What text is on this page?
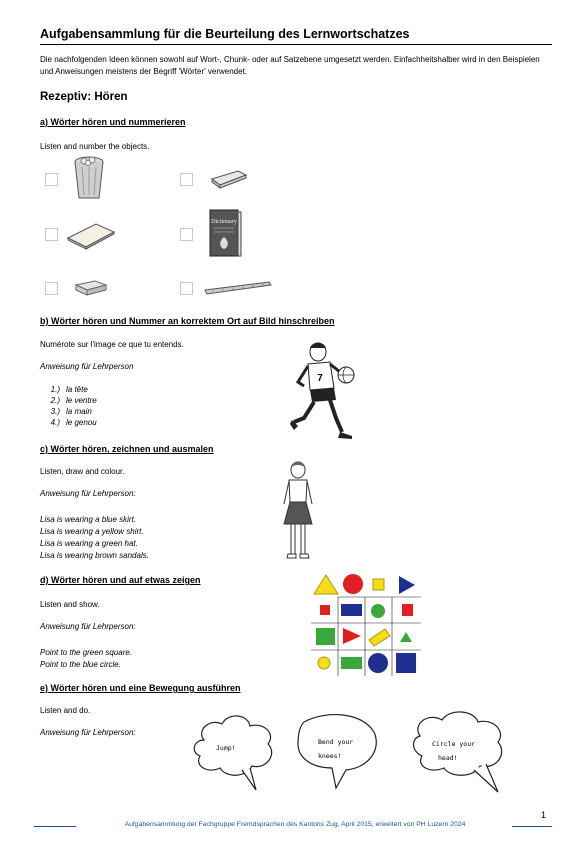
Aufgabensammlung für die Beurteilung des Lernwortschatzes
Die nachfolgenden Ideen können sowohl auf Wort-, Chunk- oder auf Satzebene umgesetzt werden. Einfachheitshalber wird in den Beispielen und Anweisungen meistens der Begriff 'Wörter' verwendet.
Rezeptiv: Hören
a) Wörter hören und nummerieren
Listen and number the objects.
Dictionary
b) Wörter hören und Nummer an korrektem Ort auf Bild hinschreiben
Numérote sur l'image ce que tu entends.
Anweisung für Lehrperson
1.) la tête
2.) le ventre
3.) la main
4.) le genou
7
c) Wörter hören, zeichnen und ausmalen
Listen, draw and colour.
Anweisung für Lehrperson:
Lisa is wearing a blue skirt.
Lisa is wearing a yellow shirt.
Lisa is wearing a green hat.
Lisa is wearing brown sandals.
d) Wörter hören und auf etwas zeigen
Listen and show.
Anweisung für Lehrperson:
Point to the green square.
Point to the blue circle.
e) Wörter hören und eine Bewegung ausführen
Listen and do.
Anweisung für Lehrperson:
Jump!
Bend your
knees!
Circle your
head!
1
Aufgabensammlung der Fachgruppe Fremdsprachen des Kantons Zug, April 2015, erweitert von PH Luzern 2024
